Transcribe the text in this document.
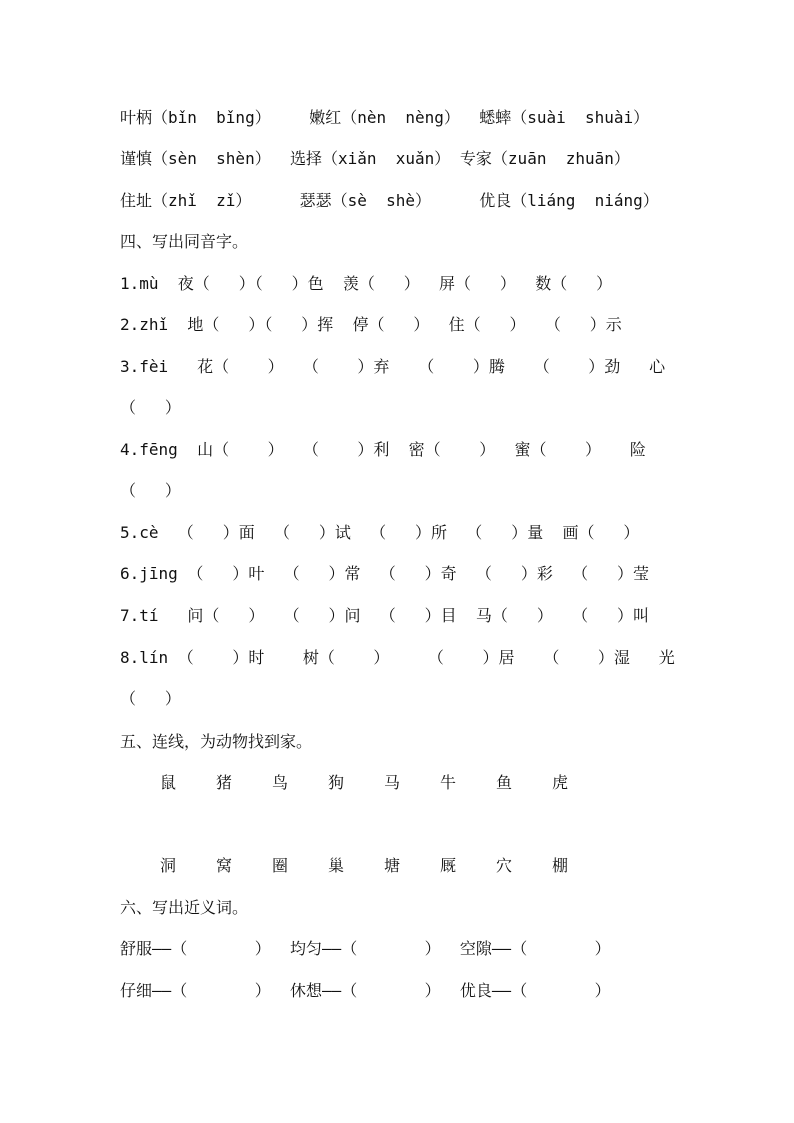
叶柄（bǐn  bǐng）    嫩红（nèn  nèng）  蟋蟀（suài  shuài）
谨慎（sèn  shèn）  选择（xiǎn  xuǎn） 专家（zuān  zhuān）
住址（zhǐ  zǐ）     瑟瑟（sè  shè）     优良（liáng  niáng）
四、写出同音字。
1.mù  夜（   ）（   ）色  羡（   ）  屏（   ）  数（   ）
2.zhǐ  地（   ）（   ）挥  停（   ）  住（   ）  （   ）示
3.fèi   花（    ）  （    ）弃   （    ）腾   （    ）劲   心
（   ）
4.fēng  山（    ）  （    ）利  密（    ）  蜜（    ）   险
（   ）
5.cè  （   ）面  （   ）试  （   ）所  （   ）量  画（   ）
6.jīng （   ）叶  （   ）常  （   ）奇  （   ）彩  （   ）莹
7.tí   问（   ）  （   ）问  （   ）目  马（   ）  （   ）叫
8.lín （    ）时    树（    ）    （    ）居   （    ）湿   光
（   ）
五、连线，为动物找到家。
鼠 猪 鸟 狗 马 牛 鱼 虎
洞 窝 圈 巢 塘 厩 穴 棚
六、写出近义词。
舒服——（       ）  均匀——（       ）  空隙——（       ）
仔细——（       ）  休想——（       ）  优良——（       ）
